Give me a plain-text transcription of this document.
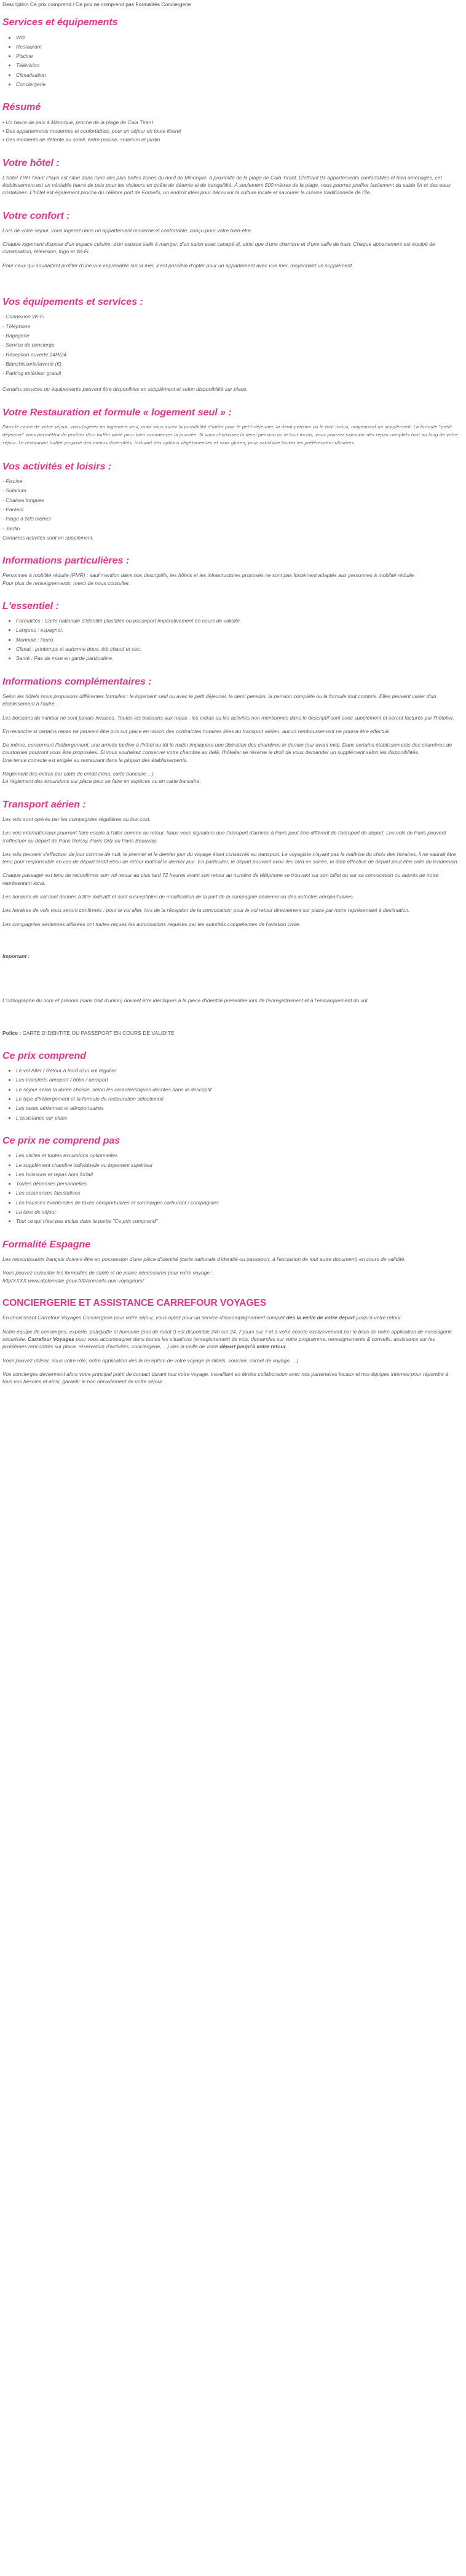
Description Ce prix comprend / Ce prix ne comprend pas Formalités Conciergerie
Services et équipements
• Wifi
• Restaurant
• Piscine
• Télévision
• Climatisation
• Conciergerie
Résumé
• Un havre de paix à Minorque, proche de la plage de Cala Tirant
• Des appartements modernes et confortables, pour un séjour en toute liberté
• Des moments de détente au soleil, entre piscine, solarium et jardin
Votre hôtel :

L'hôtel TRH Tirant Playa est situé dans l'une des plus belles zones du nord de Minorque, à proximité de la plage de Cala Tirant. D'offrant 91 appartements confortables et bien aménagés, cet établissement est un véritable havre de paix pour les visiteurs en quête de détente et de tranquillité. À seulement 500 mètres de la plage, vous pourrez profiter facilement du sable fin et des eaux cristallines. L'hôtel est également proche du célèbre port de Fornells, un endroit idéal pour découvrir la culture locale et savourer la cuisine traditionnelle de l'île.

Votre confort :

Lors de votre séjour, vous logerez dans un appartement moderne et confortable, conçu pour votre bien-être.

Chaque logement dispose d'un espace cuisine, d'un espace salle à manger, d'un salon avec canapé-lit, ainsi que d'une chambre et d'une salle de bain. Chaque appartement est équipé de climatisation, télévision, frigo et Wi-Fi.

Pour ceux qui souhaitent profiter d'une vue imprenable sur la mer, il est possible d'opter pour un appartement avec vue mer, moyennant un supplément.

Vos équipements et services :
- Connexion Wi-Fi
- Téléphone
- Bagagerie
- Service de concierge
- Réception ouverte 24H/24
- Blanchisserie/laverie (€)
- Parking extérieur gratuit

Certains services ou équipements peuvent être disponibles en supplément et selon disponibilité sur place.

Votre Restauration et formule « logement seul » :

Dans le cadre de votre séjour, vous logerez en logement seul, mais vous aurez la possibilité d'opter pour le petit-déjeuner, la demi-pension ou le tout inclus, moyennant un supplément. La formule "petit-déjeuner" vous permettra de profiter d'un buffet varié pour bien commencer la journée. Si vous choisissez la demi-pension ou le tout inclus, vous pourrez savourer des repas complets tout au long de votre séjour. Le restaurant buffet propose des menus diversifiés, incluant des options végétariennes et sans gluten, pour satisfaire toutes les préférences culinaires.

Vos activités et loisirs :
- Piscine
- Solarium
- Chaises longues
- Parasol
- Plage à 500 mètres
- Jardin

Certaines activités sont en supplément.

Informations particulières :

Personnes à mobilité réduite (PMR) : sauf mention dans nos descriptifs, les hôtels et les infrastructures proposés ne sont pas forcément adaptés aux personnes à mobilité réduite.
Pour plus de renseignements, merci de nous consulter.

L'essentiel :
• Formalités : Carte nationale d'identité plastifiée ou passeport impérativement en cours de validité.
• Langues : espagnol.
• Monnaie : l'euro.
• Climat : printemps et automne doux, été chaud et sec.
• Santé : Pas de mise en garde particulière.
Informations complémentaires :

Selon les hôtels nous proposons différentes formules : le logement seul ou avec le petit déjeuner, la demi pension, la pension complète ou la formule tout compris. Elles peuvent varier d'un établissement à l'autre.

Les boissons du minibar ne sont jamais incluses. Toutes les boissons aux repas , les extras ou les activités non mentionnés dans le descriptif sont avec supplément et seront facturés par l'hôtelier.

En revanche si certains repas ne peuvent être pris sur place en raison des contraintes horaires liées au transport aérien, aucun remboursement ne pourra être effectué.

De même, concernant l'hébergement, une arrivée tardive à l'hôtel ou tôt le matin impliquera une libération des chambres le dernier jour avant midi. Dans certains établissements des chambres de courtoisies pourront vous être proposées. Si vous souhaitez conserver votre chambre au delà, l'hôtelier se réserve le droit de vous demander un supplément selon les disponibilités.
Une tenue correcte est exigée au restaurant dans la plupart des établissements.

Règlement des extras par carte de crédit (Visa, carte bancaire ...)
Le règlement des excursions sur place peut se faire en espèces ou en carte bancaire.

Transport aérien :

Les vols sont opérés par les compagnies régulières ou low cost.

Les vols internationaux pourront faire escale à l'aller comme au retour. Nous vous signalons que l'aéroport d'arrivée à Paris peut être différent de l'aéroport de départ. Les vols de Paris peuvent s'effectuer au départ de Paris Roissy, Paris Orly ou Paris Beauvais.

Les vols peuvent s'effectuer de jour comme de nuit, le premier et le dernier jour du voyage étant consacrés au transport. Le voyagiste n'ayant pas la maîtrise du choix des horaires, il ne saurait être tenu pour responsable en cas de départ tardif et/ou de retour matinal le dernier jour. En particulier, le départ pouvant avoir lieu tard en soirée, la date effective de départ peut être celle du lendemain.

Chaque passager est tenu de reconfirmer son vol retour au plus tard 72 heures avant son retour au numéro de téléphone se trouvant sur son billet ou sur sa convocation ou auprès de notre représentant local.

Les horaires de vol sont donnés à titre indicatif et sont susceptibles de modification de la part de la compagnie aérienne ou des autorités aéroportuaires.

Les horaires de vols vous seront confirmés : pour le vol aller, lors de la réception de la convocation; pour le vol retour directement sur place par notre représentant à destination.

Les compagnies aériennes utilisées ont toutes reçues les autorisations requises par les autorités compétentes de l'aviation civile.

Important :

L'orthographe du nom et prénom (sans trait d'union) doivent être identiques à la pièce d'identité présentée lors de l'enregistrement et à l'embarquement du vol.

Police : CARTE D'IDENTITE OU PASSEPORT EN COURS DE VALIDITE

Ce prix comprend
• Le vol Aller / Retour à bord d'un vol régulier
• Les transferts aéroport / hôtel / aéroport
• Le séjour selon la durée choisie, selon les caractéristiques décrites dans le descriptif
• Le type d'hébergement et la formule de restauration sélectionné
• Les taxes aériennes et aéroportuaires
• L'assistance sur place
Ce prix ne comprend pas
• Les visites et toutes excursions optionnelles
• Le supplément chambre individuelle ou logement supérieur
• Les boissons et repas hors forfait
• Toutes dépenses personnelles
• Les assurances facultatives
• Les hausses éventuelles de taxes aéroportuaires et surcharges carburant / compagnies
• La taxe de séjour
• Tout ce qui n'est pas inclus dans la partie "Ce prix comprend"
Formalité Espagne

Les ressortissants français doivent être en possession d'une pièce d'identité (carte nationale d'identité ou passeport, à l'exclusion de tout autre document) en cours de validité.

Vous pouvez consulter les formalités de santé et de police nécessaires pour votre voyage :
http/XXXX www.diplomatie.gouv.fr/fr/conseils-aux-voyageurs/

CONCIERGERIE ET ASSISTANCE CARREFOUR VOYAGES

En choisissant Carrefour Voyages Conciergerie pour votre séjour, vous optez pour un service d'accompagnement complet dès la veille de votre départ jusqu'à votre retour.

Notre équipe de concierges, experte, polyglotte et humaine (pas de robot !) est disponible 24h sur 24, 7 jours sur 7 et à votre écoute exclusivement par le biais de notre application de messagerie sécurisée. Carrefour Voyages pour vous accompagner dans toutes les situations (enregistrement de vols, demandes sur votre programme, renseignements & conseils, assistance sur les problèmes rencontrés sur place, réservation d'activités, conciergerie, ...) dès la veille de votre départ jusqu'à votre retour.

Vous pouvez utiliser, sous votre rôle, notre application dès la réception de votre voyage (e-billets, voucher, carnet de voyage, ...)

Vos concierges deviennent alors votre principal point de contact durant tout votre voyage, travaillant en étroite collaboration avec nos partenaires locaux et nos équipes internes pour répondre à tous vos besoins et ainsi, garantir le bon déroulement de votre séjour.
